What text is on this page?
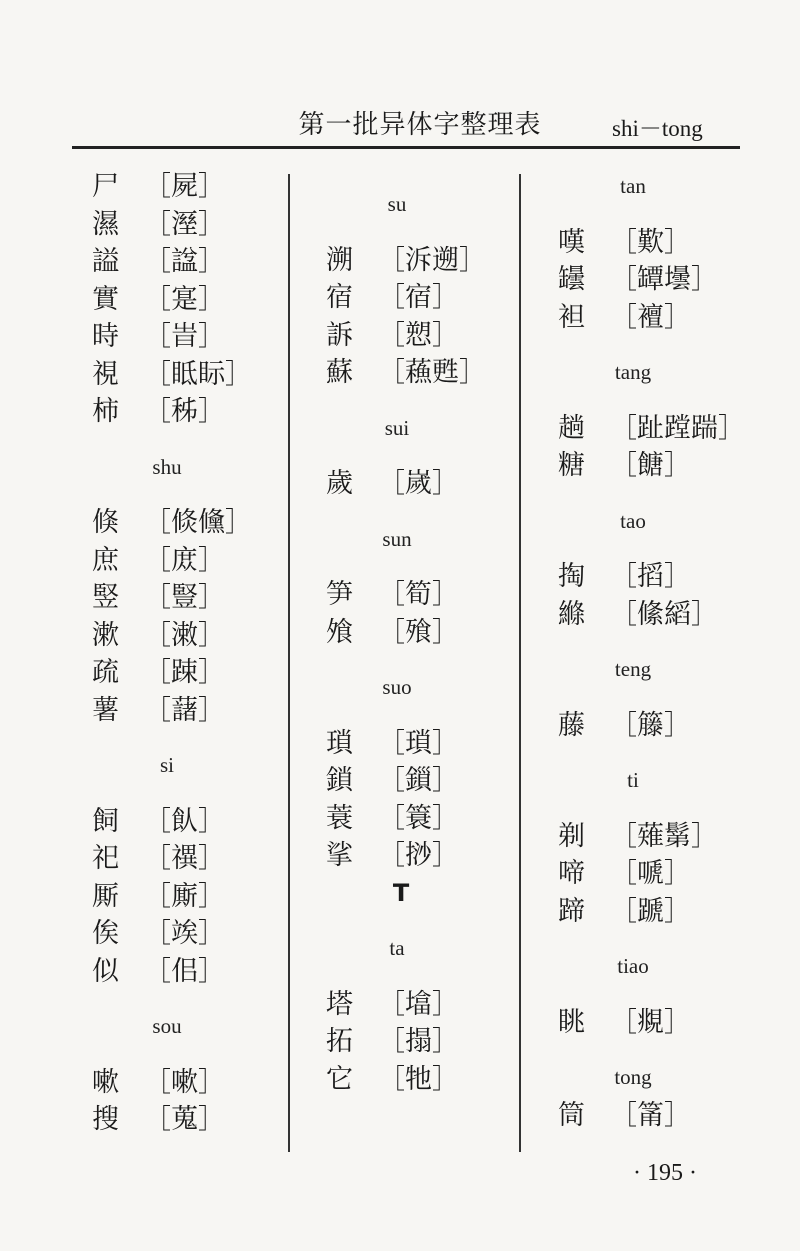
第一批异体字整理表	shi－tong
尸 ［屍］
濕 ［溼］
謚 ［諡］
實 ［寔］
時 ［旹］
視 ［眡眎］
柿 ［秭］
shu
倏 ［倐儵］
庶 ［庻］
竪 ［豎］
漱 ［潄］
疏 ［踈］
薯 ［藷］
si
飼 ［飤］
祀 ［禩］
厮 ［廝］
俟 ［竢］
似 ［佀］
sou
嗽 ［嗽］
搜 ［蒐］
su
溯 ［泝遡］
宿 ［宿］
訴 ［愬］
蘇 ［蘓甦］
sui
歲 ［嵗］
sun
笋 ［筍］
飧 ［飱］
suo
瑣 ［瑣］
鎖 ［鎻］
蓑 ［簑］
挲 ［挱］
T
ta
塔 ［墖］
拓 ［搨］
它 ［牠］
tan
嘆 ［歎］
罎 ［罈壜］
袒 ［襢］
tang
趟 ［趾蹚踹］
糖 ［餹］
tao
掏 ［搯］
縧 ［絛縚］
teng
藤 ［籐］
ti
剃 ［薙鬀］
啼 ［嗁］
蹄 ［蹏］
tiao
眺 ［覜］
tong
筒 ［筩］
· 195 ·
